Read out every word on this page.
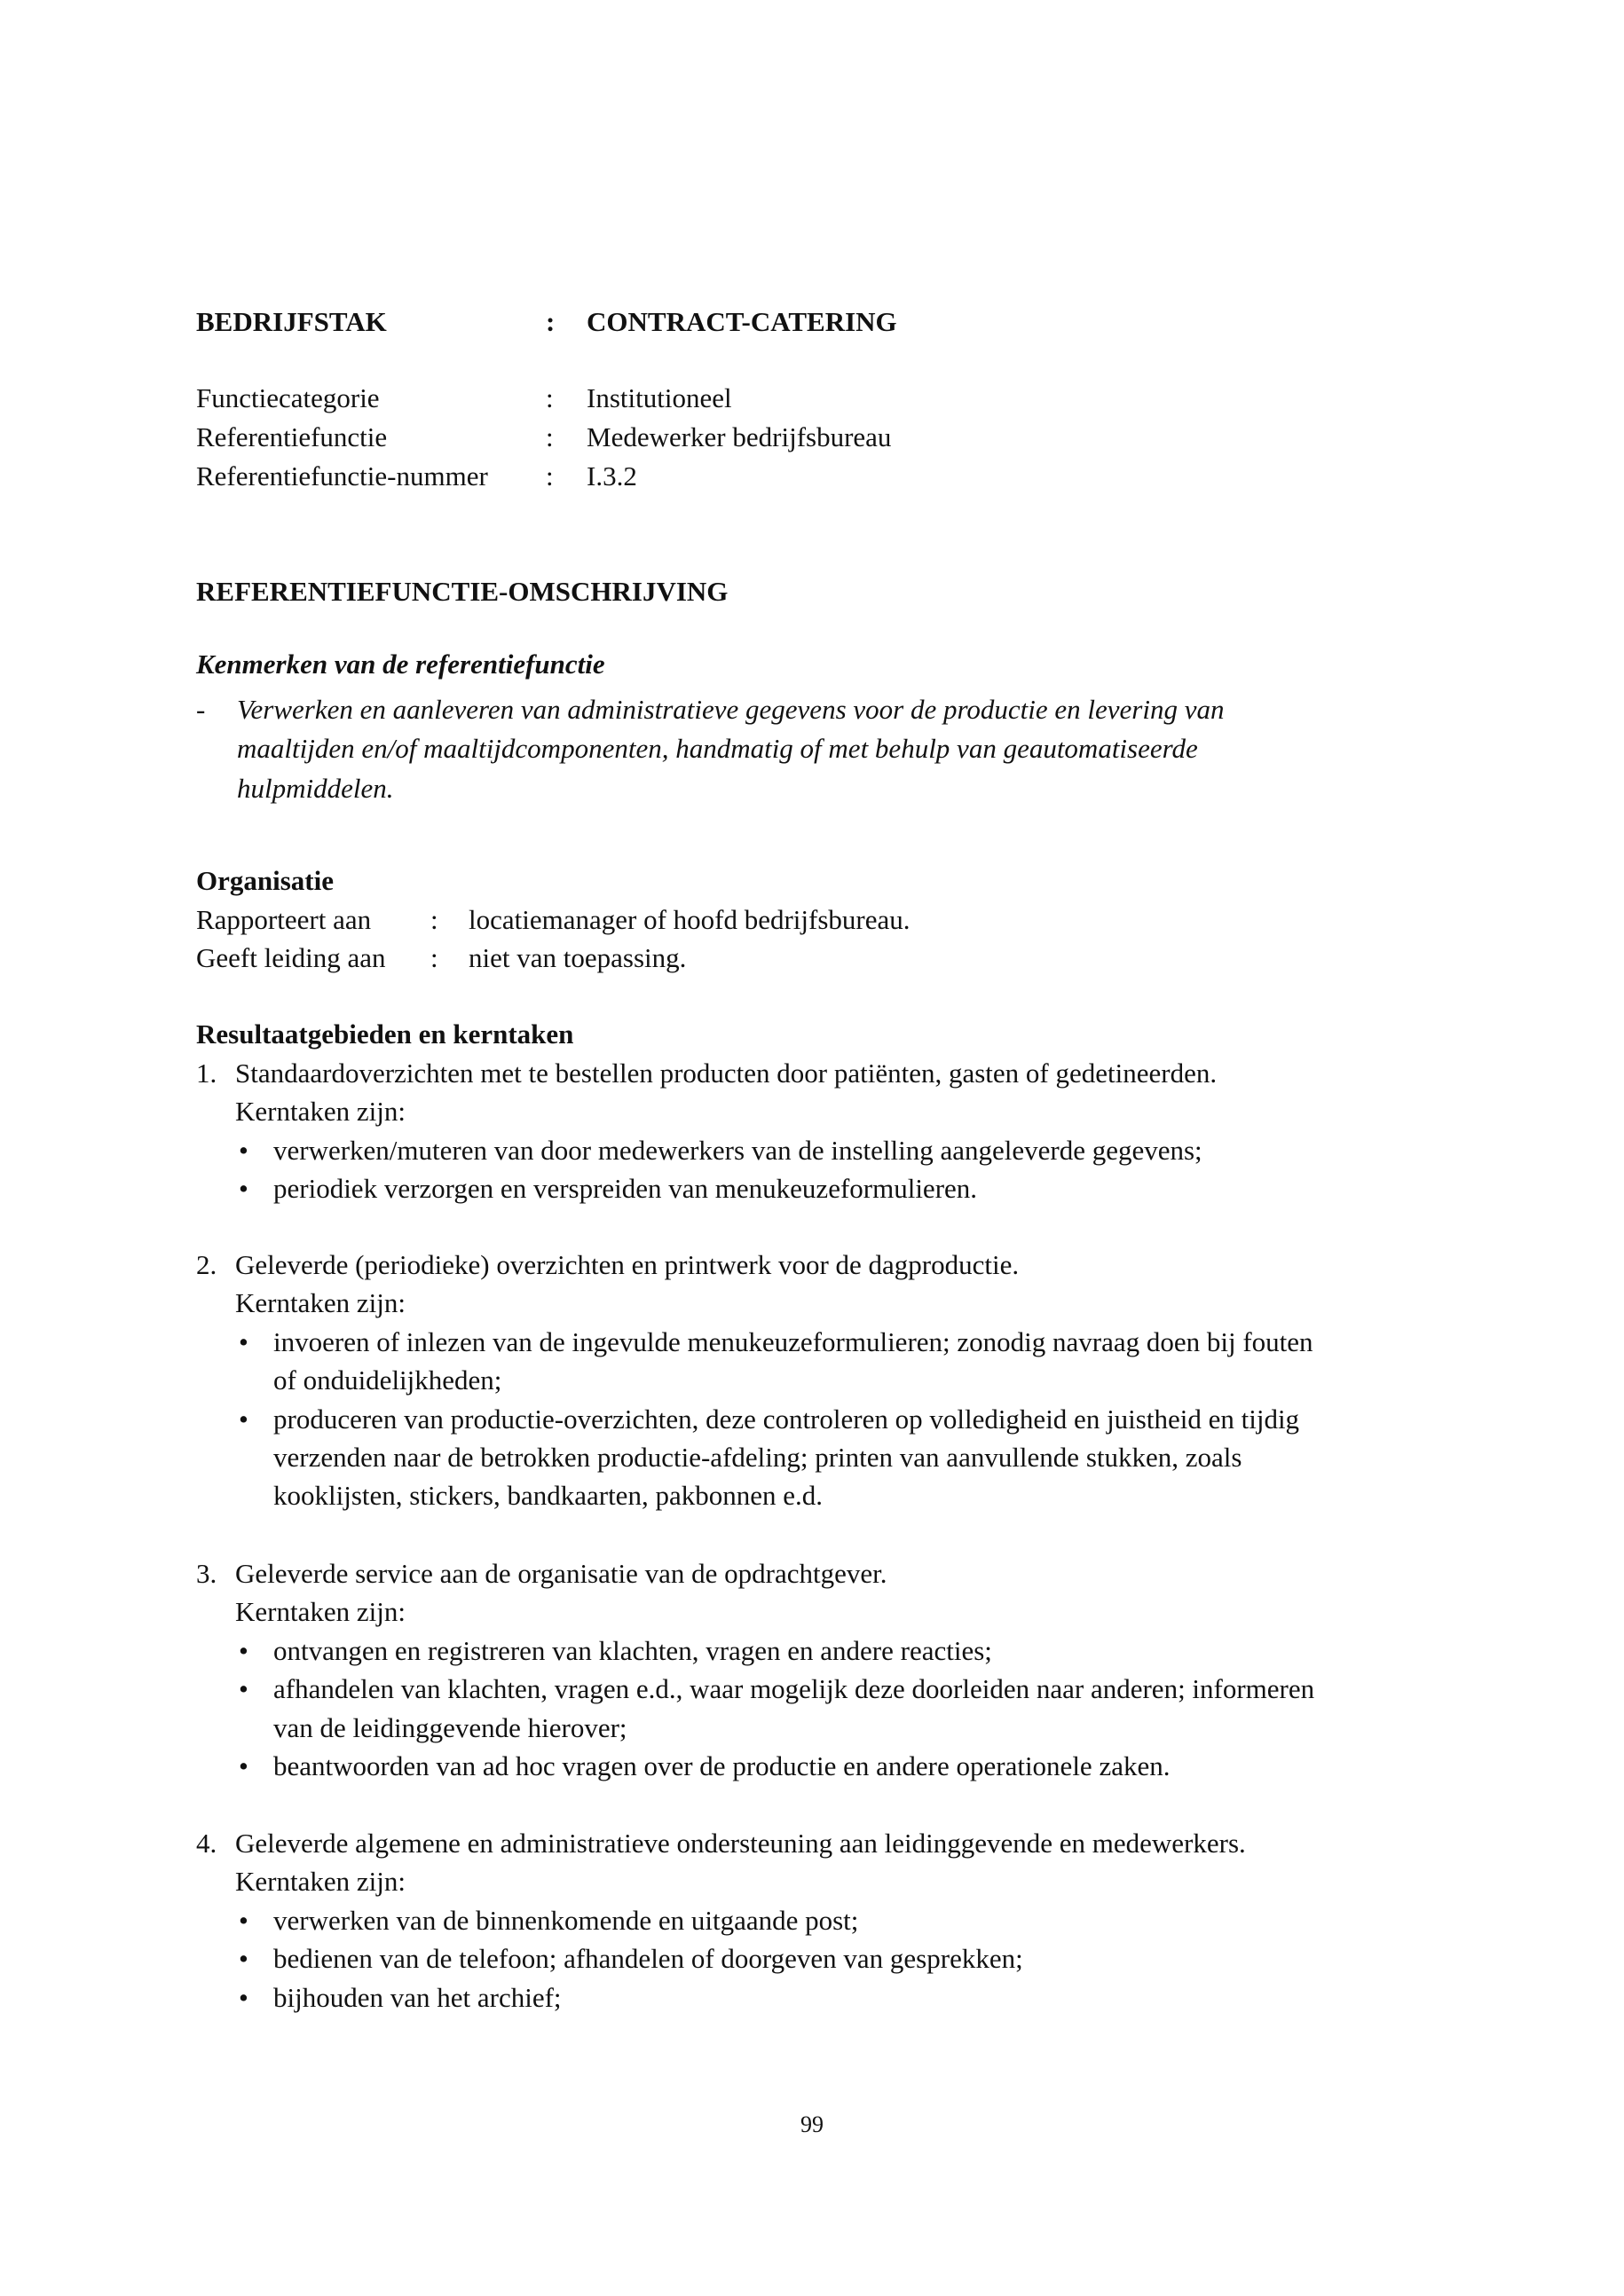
BEDRIJFSTAK	: CONTRACT-CATERING
Functiecategorie	: Institutioneel
Referentiefunctie	: Medewerker bedrijfsbureau
Referentiefunctie-nummer : I.3.2
REFERENTIEFUNCTIE-OMSCHRIJVING
Kenmerken van de referentiefunctie
- Verwerken en aanleveren van administratieve gegevens voor de productie en levering van
maaltijden en/of maaltijdcomponenten, handmatig of met behulp van geautomatiseerde
hulpmiddelen.
Organisatie
Rapporteert aan : locatiemanager of hoofd bedrijfsbureau.
Geeft leiding aan : niet van toepassing.
Resultaatgebieden en kerntaken
1. Standaardoverzichten met te bestellen producten door patiënten, gasten of gedetineerden.
Kerntaken zijn:
• verwerken/muteren van door medewerkers van de instelling aangeleverde gegevens;
• periodiek verzorgen en verspreiden van menukeuzeformulieren.
2. Geleverde (periodieke) overzichten en printwerk voor de dagproductie.
Kerntaken zijn:
• invoeren of inlezen van de ingevulde menukeuzeformulieren; zonodig navraag doen bij fouten
of onduidelijkheden;
• produceren van productie-overzichten, deze controleren op volledigheid en juistheid en tijdig
verzenden naar de betrokken productie-afdeling; printen van aanvullende stukken, zoals
kooklijsten, stickers, bandkaarten, pakbonnen e.d.
3. Geleverde service aan de organisatie van de opdrachtgever.
Kerntaken zijn:
• ontvangen en registreren van klachten, vragen en andere reacties;
• afhandelen van klachten, vragen e.d., waar mogelijk deze doorleiden naar anderen; informeren
van de leidinggevende hierover;
• beantwoorden van ad hoc vragen over de productie en andere operationele zaken.
4. Geleverde algemene en administratieve ondersteuning aan leidinggevende en medewerkers.
Kerntaken zijn:
• verwerken van de binnenkomende en uitgaande post;
• bedienen van de telefoon; afhandelen of doorgeven van gesprekken;
• bijhouden van het archief;
99
